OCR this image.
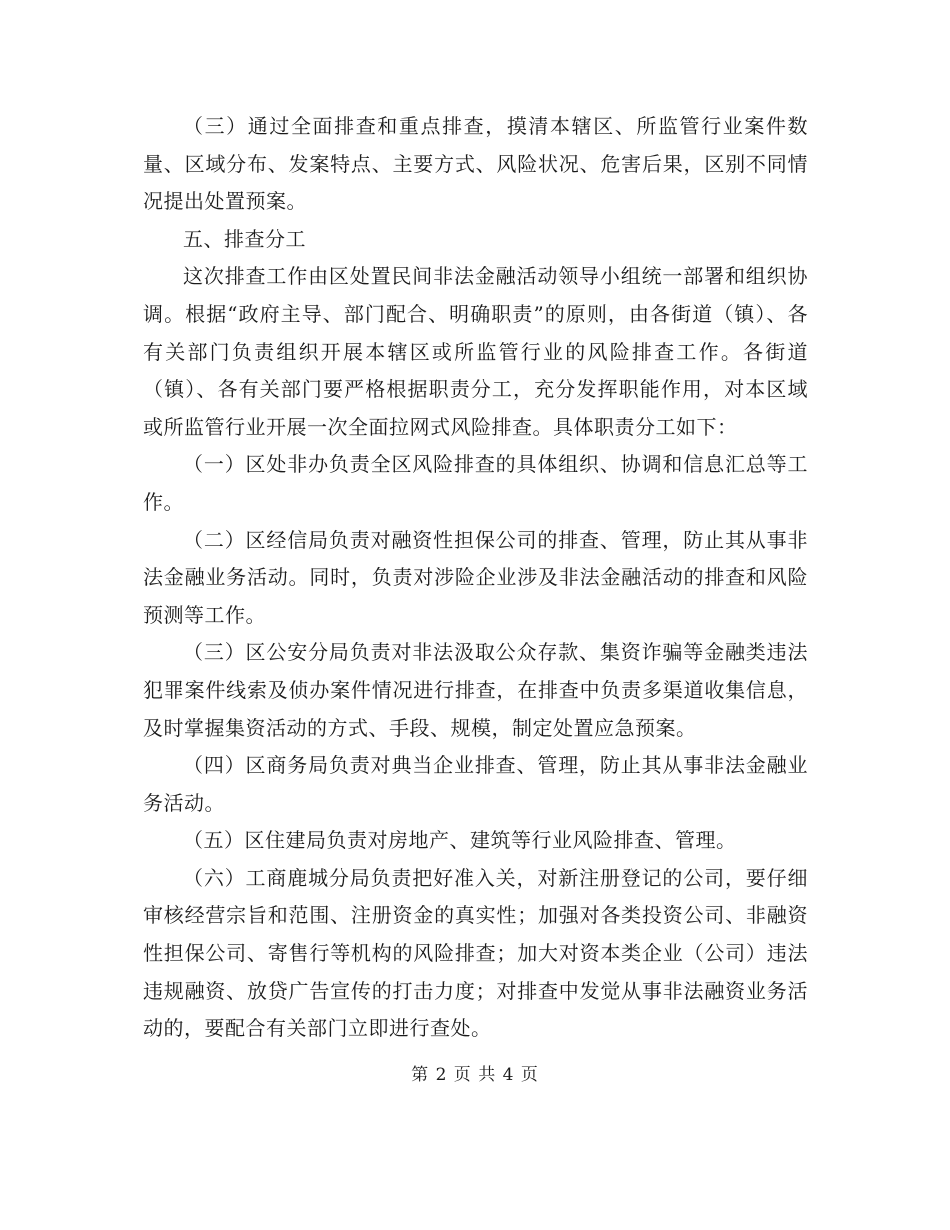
（三）通过全面排查和重点排查，摸清本辖区、所监管行业案件数量、区域分布、发案特点、主要方式、风险状况、危害后果，区别不同情况提出处置预案。

五、排查分工

这次排查工作由区处置民间非法金融活动领导小组统一部署和组织协调。根据“政府主导、部门配合、明确职责”的原则，由各街道（镇）、各有关部门负责组织开展本辖区或所监管行业的风险排查工作。各街道（镇）、各有关部门要严格根据职责分工，充分发挥职能作用，对本区域或所监管行业开展一次全面拉网式风险排查。具体职责分工如下：

（一）区处非办负责全区风险排查的具体组织、协调和信息汇总等工作。

（二）区经信局负责对融资性担保公司的排查、管理，防止其从事非法金融业务活动。同时，负责对涉险企业涉及非法金融活动的排查和风险预测等工作。

（三）区公安分局负责对非法汲取公众存款、集资诈骗等金融类违法犯罪案件线索及侦办案件情况进行排查，在排查中负责多渠道收集信息，及时掌握集资活动的方式、手段、规模，制定处置应急预案。

（四）区商务局负责对典当企业排查、管理，防止其从事非法金融业务活动。

（五）区住建局负责对房地产、建筑等行业风险排查、管理。

（六）工商鹿城分局负责把好准入关，对新注册登记的公司，要仔细审核经营宗旨和范围、注册资金的真实性；加强对各类投资公司、非融资性担保公司、寄售行等机构的风险排查；加大对资本类企业（公司）违法违规融资、放贷广告宣传的打击力度；对排查中发觉从事非法融资业务活动的，要配合有关部门立即进行查处。

第 2 页 共 4 页
